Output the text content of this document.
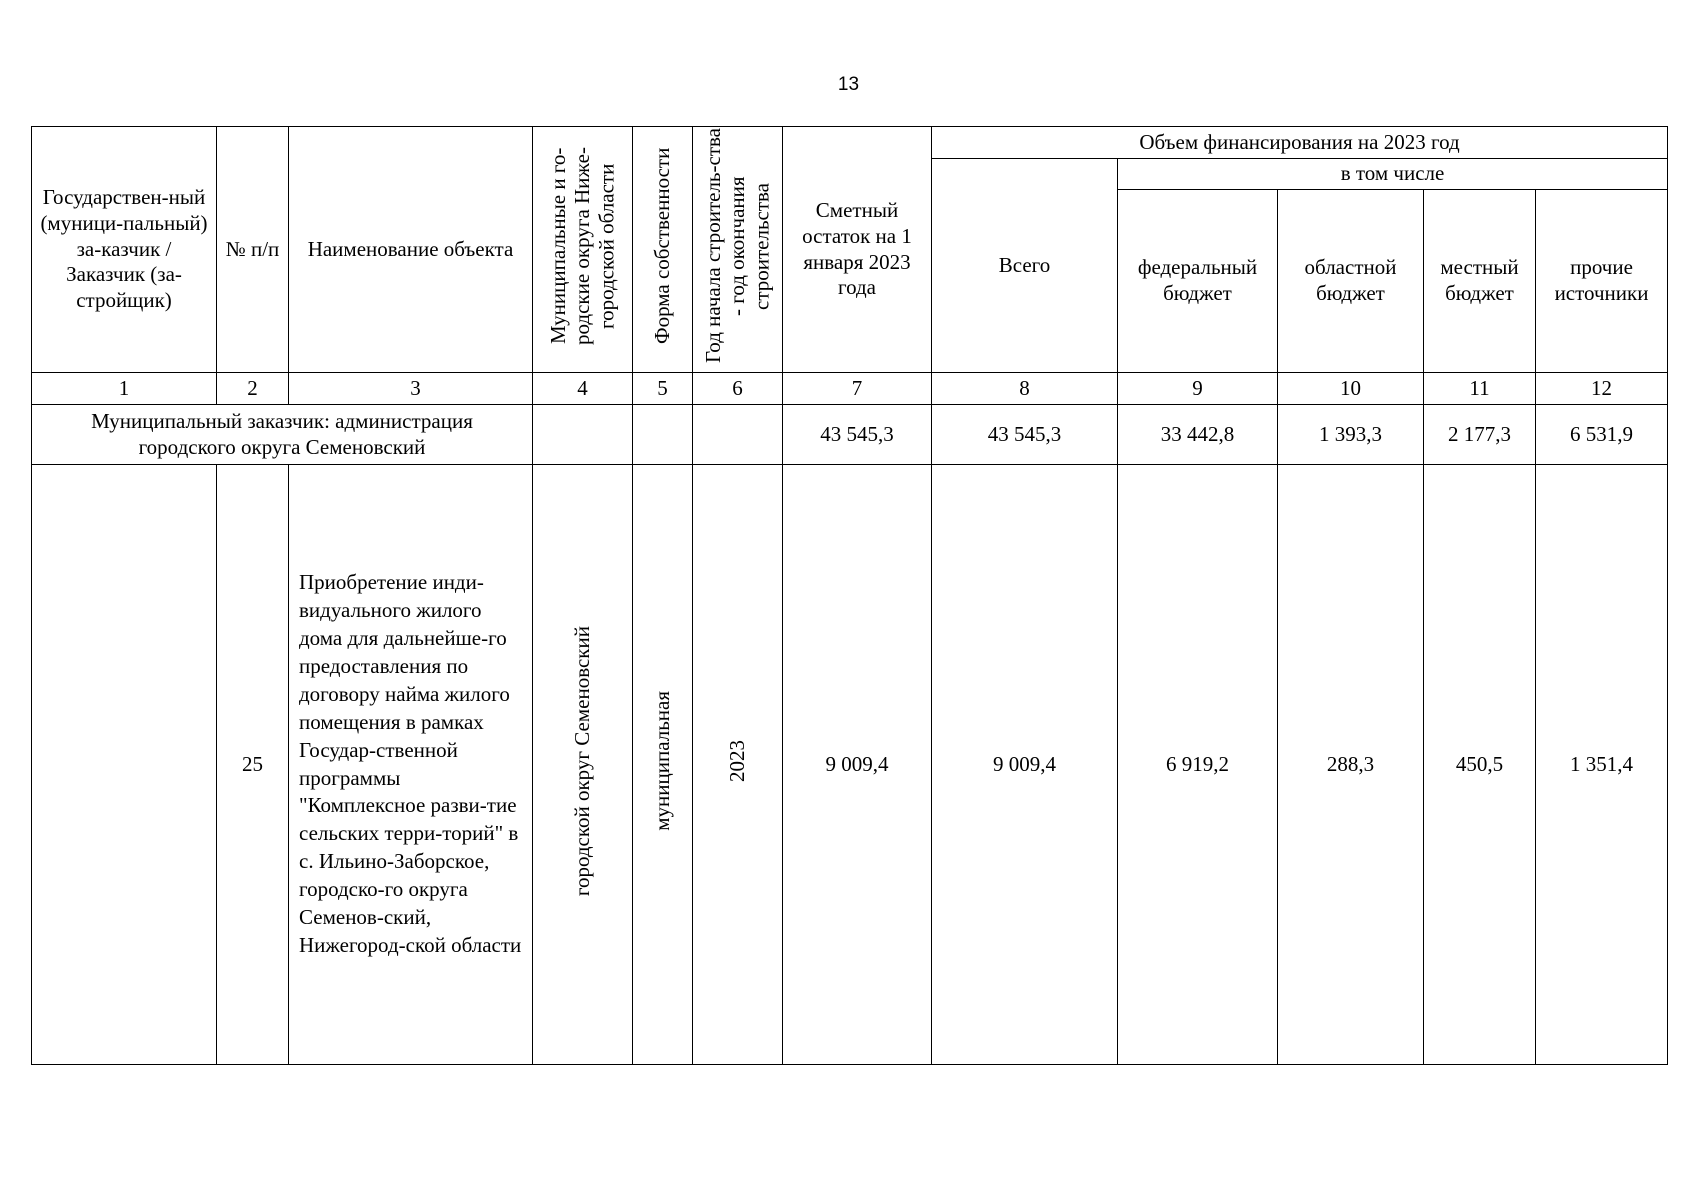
13
Государствен-ный (муници-пальный) за-казчик / Заказчик (за-стройщик)	№ п/п	Наименование объекта	Муниципальные и го-родские округа Ниже-городской области	Форма собственности	Год начала строитель-ства - год окончания строительства	Сметный остаток на 1 января 2023 года	Объем финансирования на 2023 год				

							Всего	в том числе			

								федеральный бюджет	областной бюджет	местный бюджет	прочие источники

1	2	3	4	5	6	7	8	9	10	11	12

Муниципальный заказчик: администрация городского округа Семеновский						43 545,3	43 545,3	33 442,8	1 393,3	2 177,3	6 531,9
	25	Приобретение инди-видуального жилого дома для дальнейше-го предоставления по договору найма жилого помещения в рамках Государ-ственной программы "Комплексное разви-тие сельских терри-торий" в с. Ильино-Заборское, городско-го округа Семенов-ский, Нижегород-ской области	городской округ Семеновский	муниципальная	2023	9 009,4	9 009,4	6 919,2	288,3	450,5	1 351,4
